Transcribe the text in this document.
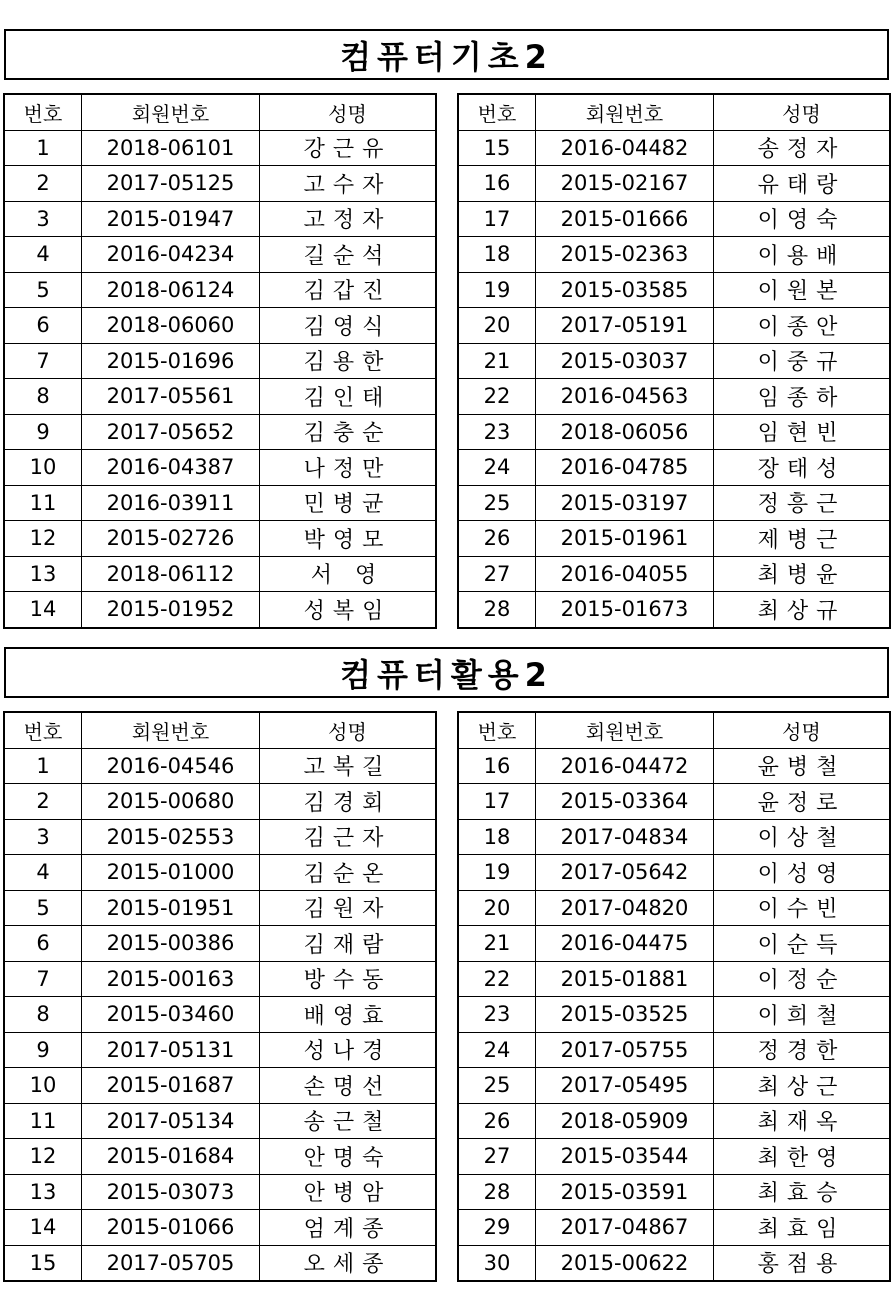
컴퓨터기초2
번호	회원번호	성명
1	2018-06101	강근유
2	2017-05125	고수자
3	2015-01947	고정자
4	2016-04234	길순석
5	2018-06124	김갑진
6	2018-06060	김영식
7	2015-01696	김용한
8	2017-05561	김인태
9	2017-05652	김충순
10	2016-04387	나정만
11	2016-03911	민병균
12	2015-02726	박영모
13	2018-06112	서 영
14	2015-01952	성복임
번호	회원번호	성명
15	2016-04482	송정자
16	2015-02167	유태랑
17	2015-01666	이영숙
18	2015-02363	이용배
19	2015-03585	이원본
20	2017-05191	이종안
21	2015-03037	이중규
22	2016-04563	임종하
23	2018-06056	임현빈
24	2016-04785	장태성
25	2015-03197	정흥근
26	2015-01961	제병근
27	2016-04055	최병윤
28	2015-01673	최상규
컴퓨터활용2
번호	회원번호	성명
1	2016-04546	고복길
2	2015-00680	김경회
3	2015-02553	김근자
4	2015-01000	김순온
5	2015-01951	김원자
6	2015-00386	김재람
7	2015-00163	방수동
8	2015-03460	배영효
9	2017-05131	성나경
10	2015-01687	손명선
11	2017-05134	송근철
12	2015-01684	안명숙
13	2015-03073	안병암
14	2015-01066	엄계종
15	2017-05705	오세종
번호	회원번호	성명
16	2016-04472	윤병철
17	2015-03364	윤정로
18	2017-04834	이상철
19	2017-05642	이성영
20	2017-04820	이수빈
21	2016-04475	이순득
22	2015-01881	이정순
23	2015-03525	이희철
24	2017-05755	정경한
25	2017-05495	최상근
26	2018-05909	최재옥
27	2015-03544	최한영
28	2015-03591	최효승
29	2017-04867	최효임
30	2015-00622	홍점용
